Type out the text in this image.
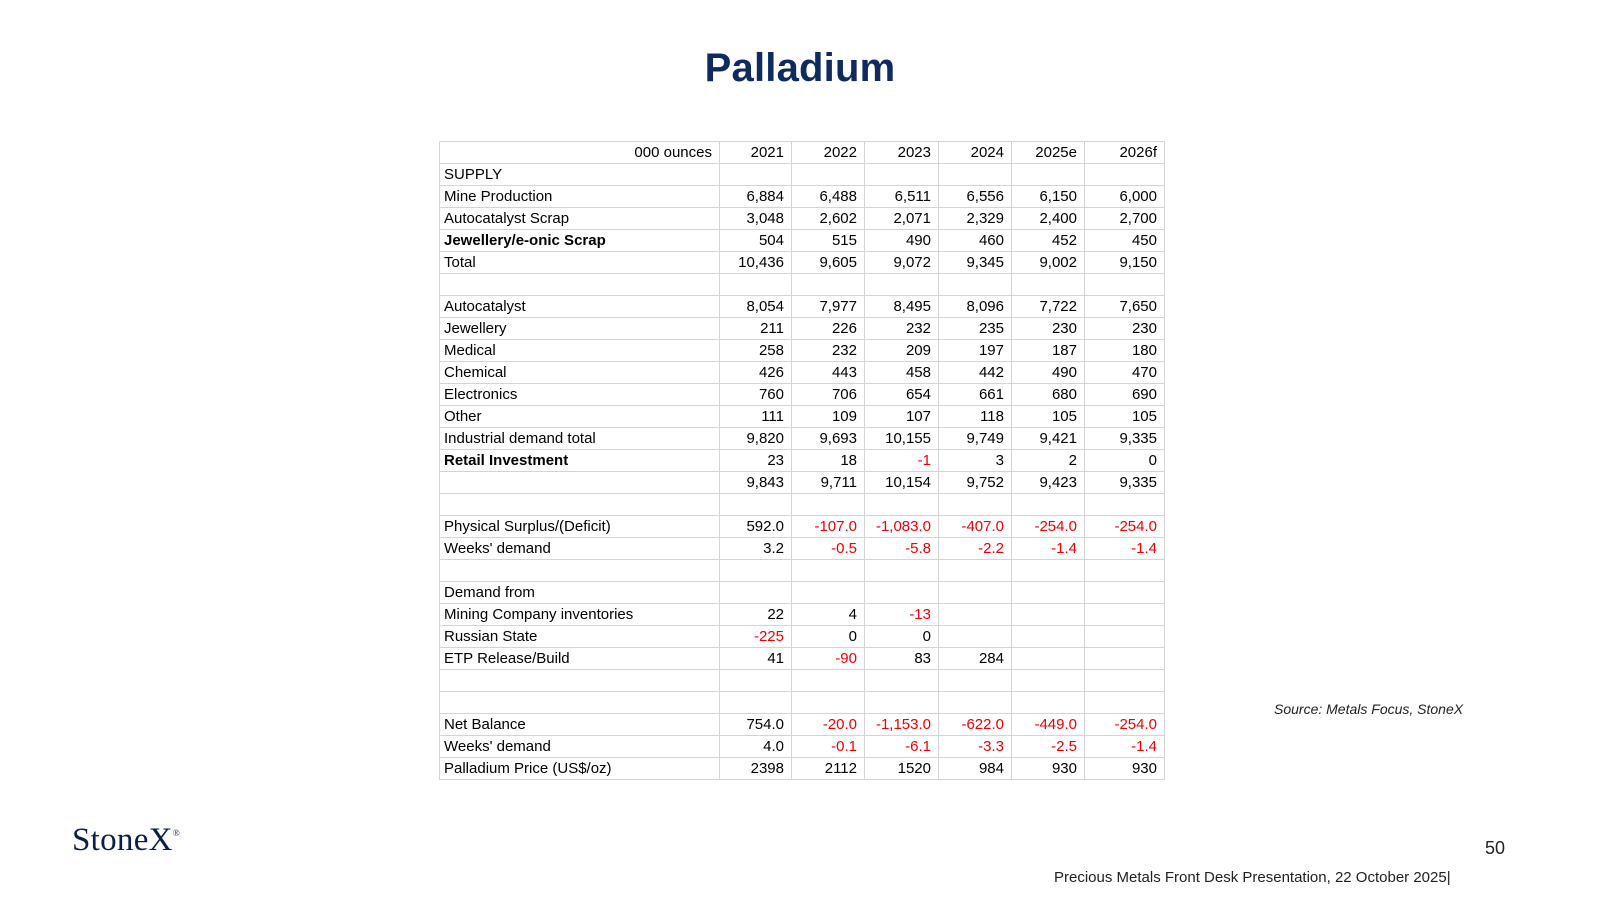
Palladium
000 ounces	2021	2022	2023	2024	2025e	2026f
SUPPLY						
Mine Production	6,884	6,488	6,511	6,556	6,150	6,000
Autocatalyst Scrap	3,048	2,602	2,071	2,329	2,400	2,700
Jewellery/e-onic Scrap	504	515	490	460	452	450
Total	10,436	9,605	9,072	9,345	9,002	9,150

Autocatalyst	8,054	7,977	8,495	8,096	7,722	7,650
Jewellery	211	226	232	235	230	230
Medical	258	232	209	197	187	180
Chemical	426	443	458	442	490	470
Electronics	760	706	654	661	680	690
Other	111	109	107	118	105	105
Industrial demand total	9,820	9,693	10,155	9,749	9,421	9,335
Retail Investment	23	18	-1	3	2	0
	9,843	9,711	10,154	9,752	9,423	9,335

Physical Surplus/(Deficit)	592.0	-107.0	-1,083.0	-407.0	-254.0	-254.0
Weeks' demand	3.2	-0.5	-5.8	-2.2	-1.4	-1.4

Demand from						
Mining Company inventories	22	4	-13			
Russian State	-225	0	0			
ETP Release/Build	41	-90	83	284		

Net Balance	754.0	-20.0	-1,153.0	-622.0	-449.0	-254.0
Weeks' demand	4.0	-0.1	-6.1	-3.3	-2.5	-1.4
Palladium Price (US$/oz)	2398	2112	1520	984	930	930
Source: Metals Focus, StoneX
StoneX®
50
Precious Metals Front Desk Presentation, 22 October 2025|
